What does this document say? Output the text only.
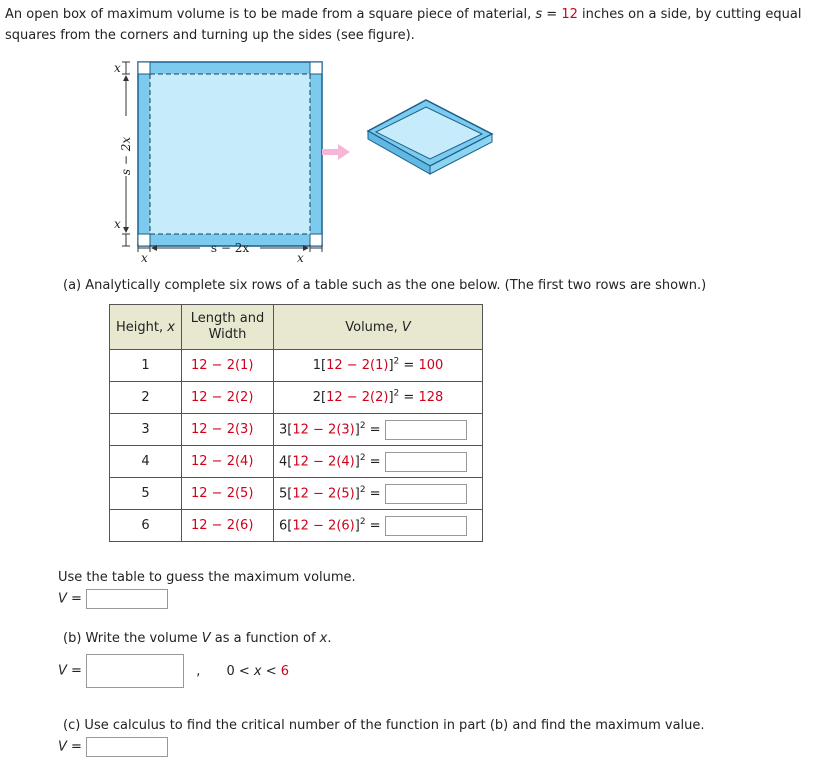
An open box of maximum volume is to be made from a square piece of material, s = 12 inches on a side, by cutting equal squares from the corners and turning up the sides (see figure).
x
x
s − 2x
s − 2x
x	x
(a) Analytically complete six rows of a table such as the one below. (The first two rows are shown.)
Height, x	Length and Width	Volume, V
1	12 − 2(1)	$1[12 - 2(1)]^2 = 100$
2	12 − 2(2)	$2[12 - 2(2)]^2 = 128$
3	12 − 2(3)	$3[12 - 2(3)]^2$ =
4	12 − 2(4)	$4[12 - 2(4)]^2$ =
5	12 − 2(5)	$5[12 - 2(5)]^2$ =
6	12 − 2(6)	$6[12 - 2(6)]^2$ =
Use the table to guess the maximum volume.
V =
(b) Write the volume V as a function of x.
V =	, 0 < x < 6
(c) Use calculus to find the critical number of the function in part (b) and find the maximum value.
V =
